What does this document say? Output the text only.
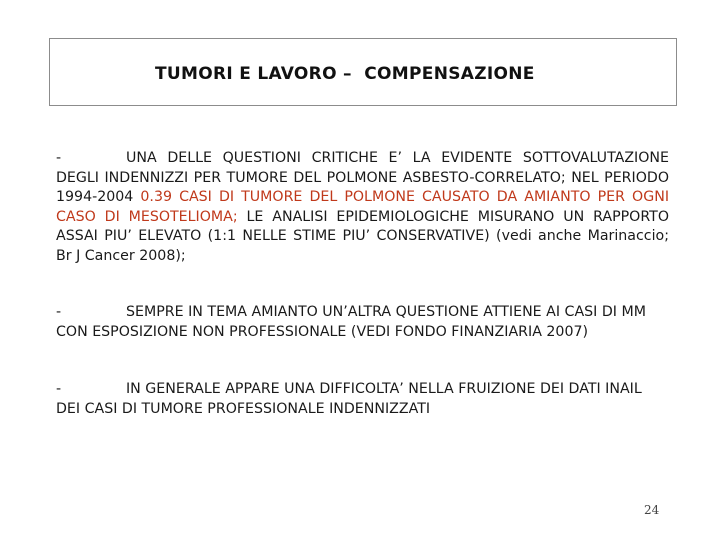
TUMORI E LAVORO –  COMPENSAZIONE
-	UNA DELLE QUESTIONI CRITICHE E’ LA EVIDENTE SOTTOVALUTAZIONE DEGLI INDENNIZZI PER TUMORE DEL POLMONE ASBESTO-CORRELATO; NEL PERIODO 1994-2004 0.39 CASI DI TUMORE DEL POLMONE CAUSATO DA AMIANTO PER OGNI CASO DI MESOTELIOMA; LE ANALISI EPIDEMIOLOGICHE MISURANO UN RAPPORTO ASSAI PIU’ ELEVATO (1:1 NELLE STIME PIU’ CONSERVATIVE) (vedi anche Marinaccio; Br J Cancer 2008);
-	SEMPRE IN TEMA AMIANTO UN’ALTRA QUESTIONE ATTIENE AI CASI DI MM CON ESPOSIZIONE NON PROFESSIONALE (VEDI FONDO FINANZIARIA 2007)
-	IN GENERALE APPARE UNA DIFFICOLTA’ NELLA FRUIZIONE DEI DATI INAIL DEI CASI DI TUMORE PROFESSIONALE INDENNIZZATI
24
